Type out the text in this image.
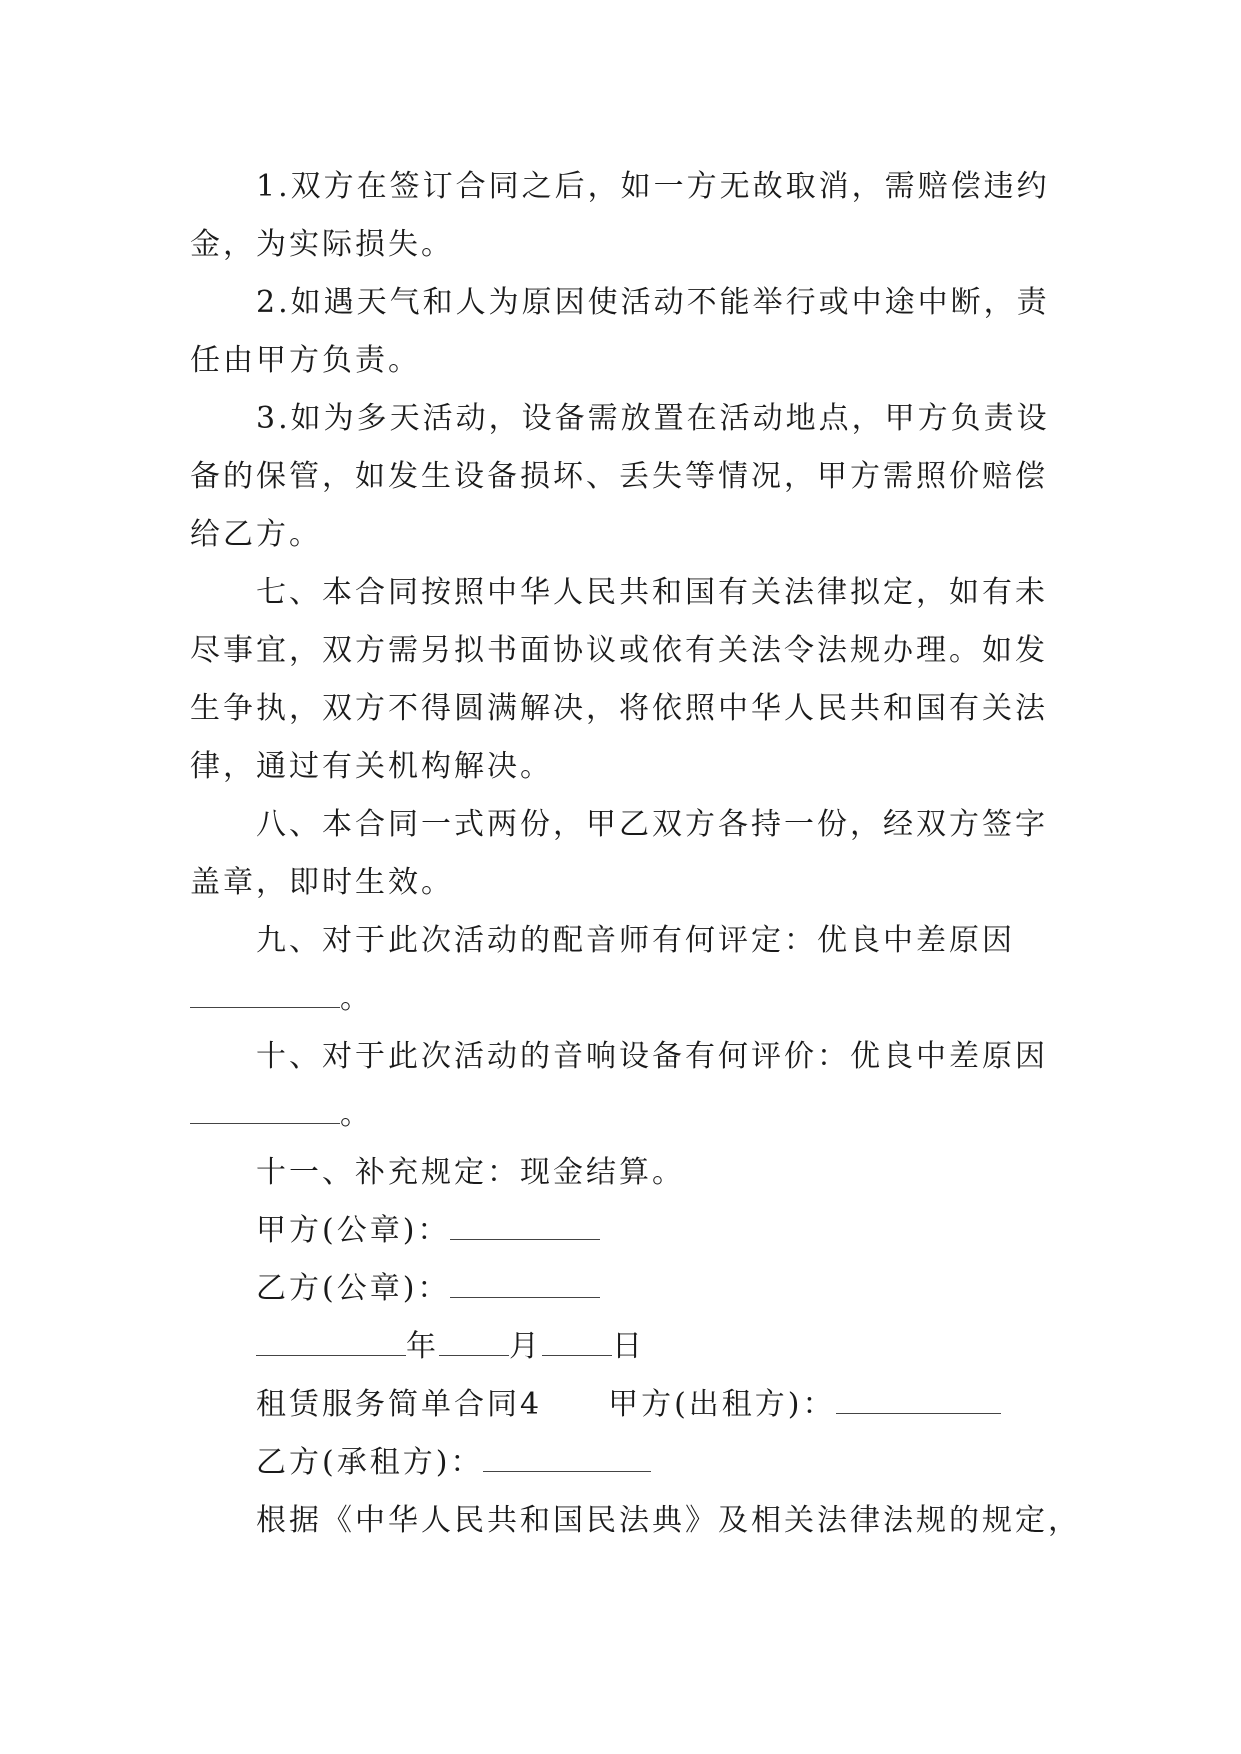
1.双方在签订合同之后，如一方无故取消，需赔偿违约
金，为实际损失。
2.如遇天气和人为原因使活动不能举行或中途中断，责
任由甲方负责。
3.如为多天活动，设备需放置在活动地点，甲方负责设
备的保管，如发生设备损坏、丢失等情况，甲方需照价赔偿
给乙方。
七、本合同按照中华人民共和国有关法律拟定，如有未
尽事宜，双方需另拟书面协议或依有关法令法规办理。如发
生争执，双方不得圆满解决，将依照中华人民共和国有关法
律，通过有关机构解决。
八、本合同一式两份，甲乙双方各持一份，经双方签字
盖章，即时生效。
九、对于此次活动的配音师有何评定：优良中差原因
。
十、对于此次活动的音响设备有何评价：优良中差原因
。
十一、补充规定：现金结算。
甲方(公章)：
乙方(公章)：
年 月 日
租赁服务简单合同4 甲方(出租方)：
乙方(承租方)：
根据《中华人民共和国民法典》及相关法律法规的规定，
